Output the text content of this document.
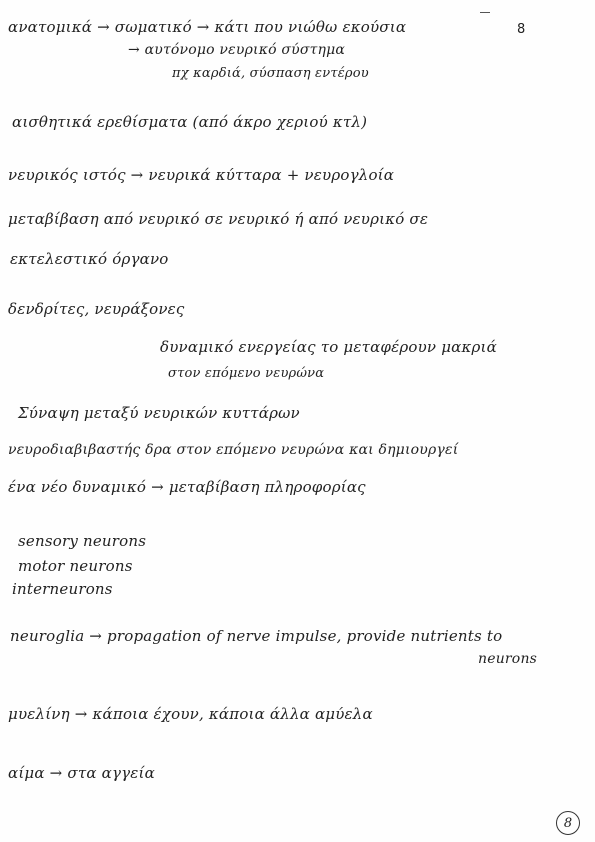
8
ανατομικά → σωματικό → κάτι που νιώθω εκούσια
→ αυτόνομο νευρικό σύστημα
πχ καρδιά, σύσπαση εντέρου
αισθητικά ερεθίσματα (από άκρο χεριού κτλ)
νευρικός ιστός → νευρικά κύτταρα + νευρογλοία
μεταβίβαση από νευρικό σε νευρικό ή από νευρικό σε
εκτελεστικό όργανο
δενδρίτες, νευράξονες
δυναμικό ενεργείας το μεταφέρουν μακριά
στον επόμενο νευρώνα
Σύναψη μεταξύ νευρικών κυττάρων
νευροδιαβιβαστής δρα στον επόμενο νευρώνα και δημιουργεί
ένα νέο δυναμικό → μεταβίβαση πληροφορίας
sensory neurons
motor neurons
interneurons
neuroglia → propagation of nerve impulse, provide nutrients to
neurons
μυελίνη → κάποια έχουν, κάποια άλλα αμύελα
αίμα → στα αγγεία
8
